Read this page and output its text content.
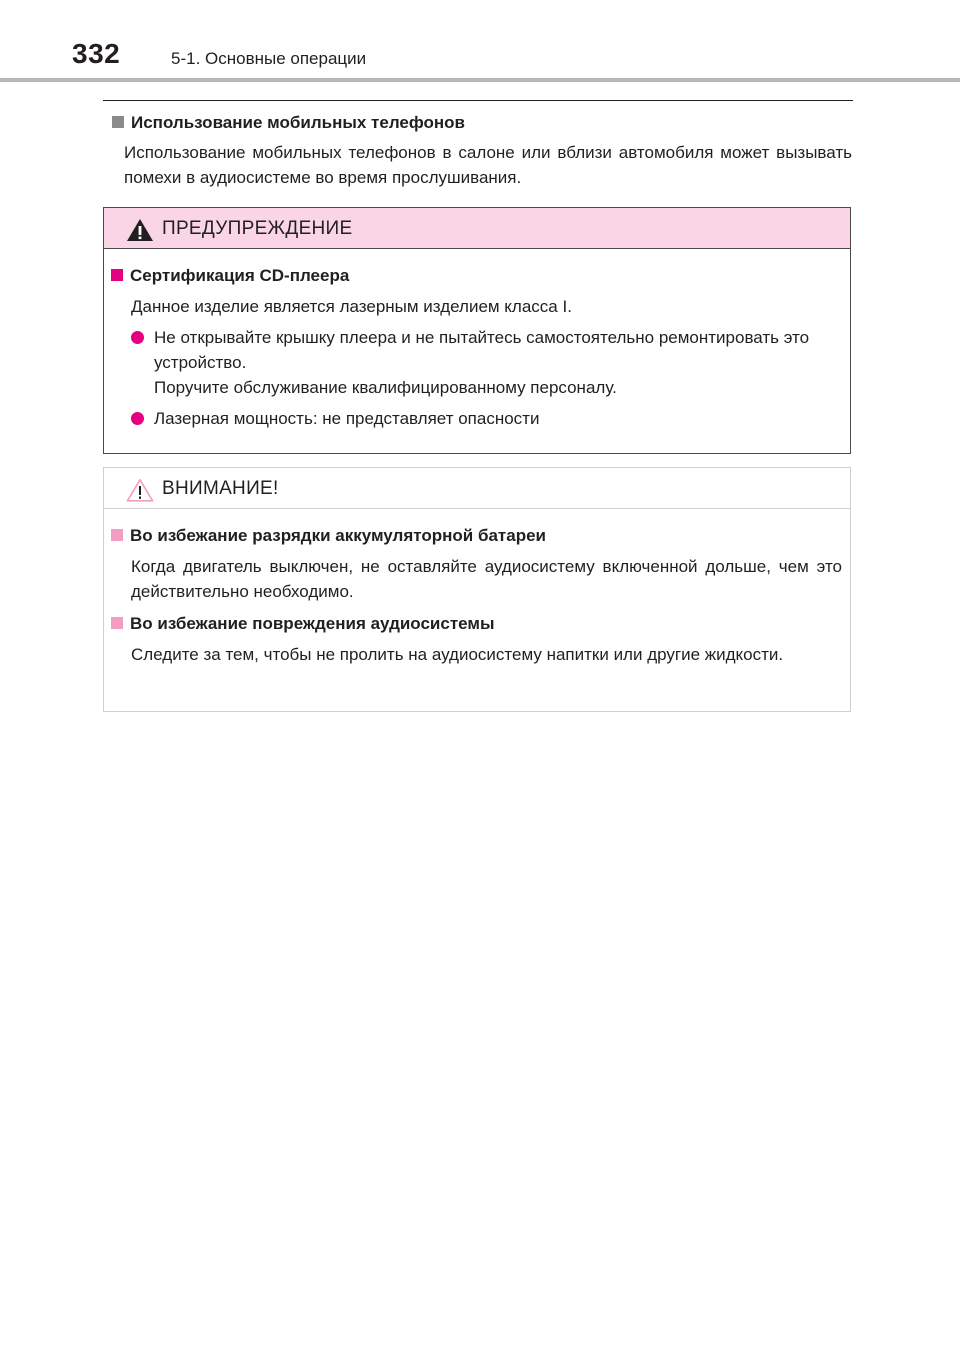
332	5-1. Основные операции
Использование мобильных телефонов
Использование мобильных телефонов в салоне или вблизи автомобиля может вызывать помехи в аудиосистеме во время прослушивания.
ПРЕДУПРЕЖДЕНИЕ
Сертификация CD-плеера
Данное изделие является лазерным изделием класса I.
Не открывайте крышку плеера и не пытайтесь самостоятельно ремонтировать это устройство.
Поручите обслуживание квалифицированному персоналу.
Лазерная мощность: не представляет опасности
ВНИМАНИЕ!
Во избежание разрядки аккумуляторной батареи
Когда двигатель выключен, не оставляйте аудиосистему включенной дольше, чем это действительно необходимо.
Во избежание повреждения аудиосистемы
Следите за тем, чтобы не пролить на аудиосистему напитки или другие жидкости.
